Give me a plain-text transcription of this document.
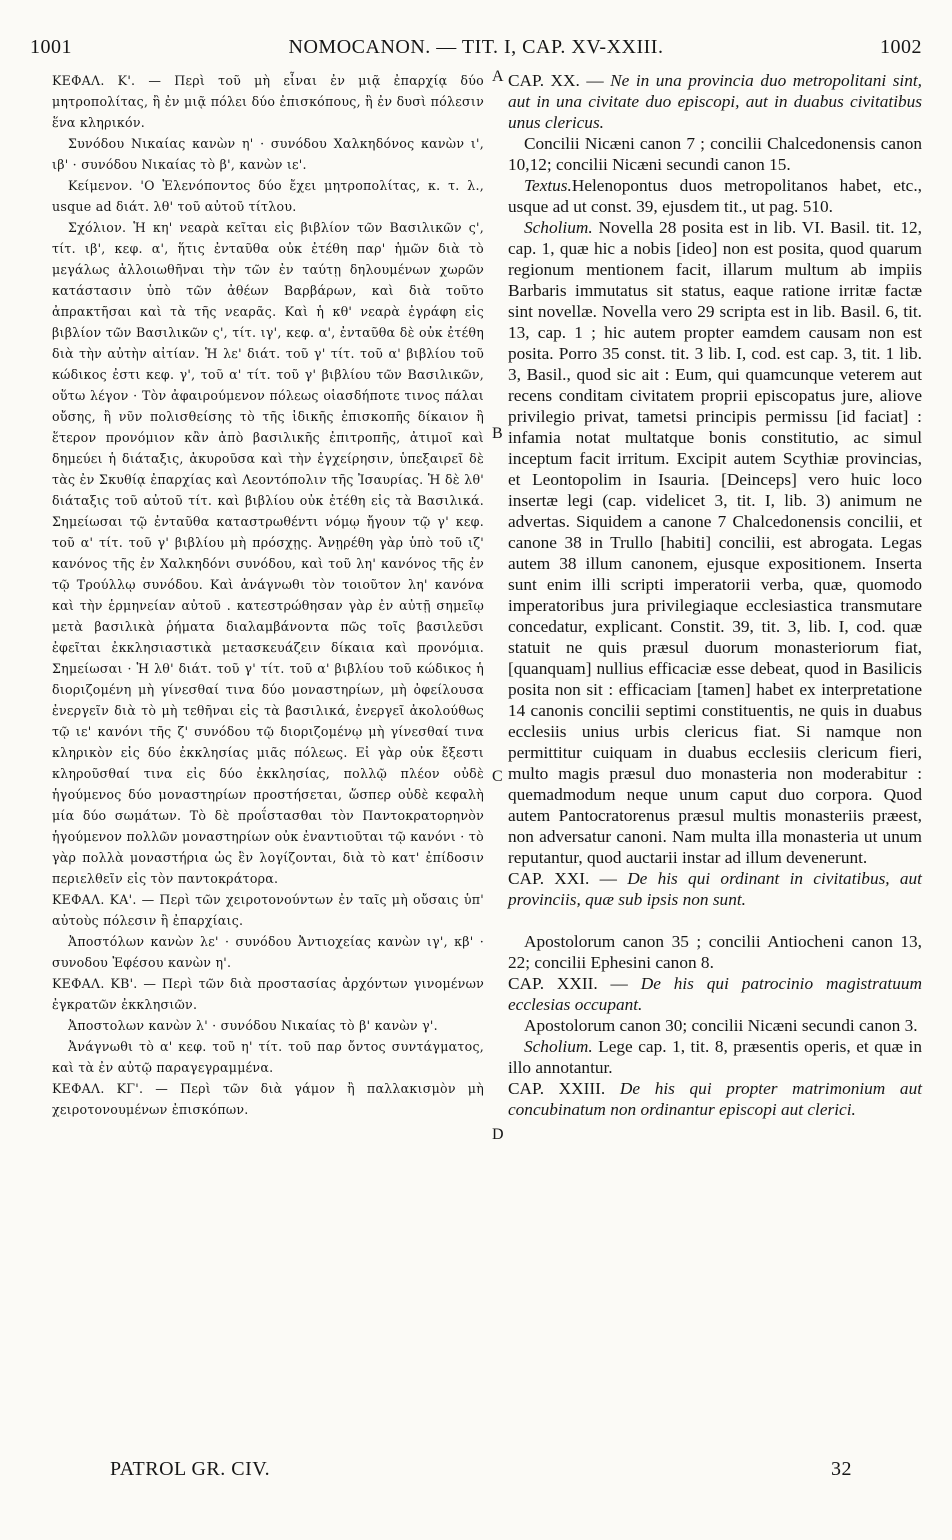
1001	NOMOCANON. — TIT. I, CAP. XV-XXIII.	1002

ΚΕΦΑΛ. Κ'. — Περὶ τοῦ μὴ εἶναι ἐν μιᾷ ἐπαρχίᾳ δύο μητροπολίτας, ἢ ἐν μιᾷ πόλει δύο ἐπισκόπους, ἢ ἐν δυσὶ πόλεσιν ἕνα κληρικόν.

Συνόδου Νικαίας κανὼν η' · συνόδου Χαλκηδόνος κανὼν ι', ιβ' · συνόδου Νικαίας τὸ β', κανὼν ιε'.

Κείμενον. 'Ο Ἑλενόποντος δύο ἔχει μητροπολίτας, κ. τ. λ., usque ad διάτ. λθ' τοῦ αὐτοῦ τίτλου.

Σχόλιον. Ἡ κη' νεαρὰ κεῖται εἰς βιβλίον τῶν Βασιλικῶν ς', τίτ. ιβ', κεφ. α', ἥτις ἐνταῦθα οὐκ ἐτέθη παρ' ἡμῶν διὰ τὸ μεγάλως ἀλλοιωθῆναι τὴν τῶν ἐν ταύτῃ δηλουμένων χωρῶν κατάστασιν ὑπὸ τῶν ἀθέων Βαρβάρων, καὶ διὰ τοῦτο ἀπρακτῆσαι καὶ τὰ τῆς νεαρᾶς. Καὶ ἡ κθ' νεαρὰ ἐγράφη εἰς βιβλίον τῶν Βασιλικῶν ς', τίτ. ιγ', κεφ. α', ἐνταῦθα δὲ οὐκ ἐτέθη διὰ τὴν αὐτὴν αἰτίαν. Ἡ λε' διάτ. τοῦ γ' τίτ. τοῦ α' βιβλίου τοῦ κώδικος ἐστι κεφ. γ', τοῦ α' τίτ. τοῦ γ' βιβλίου τῶν Βασιλικῶν, οὕτω λέγον · Τὸν ἀφαιρούμενον πόλεως οἱασδήποτε τινος πάλαι οὔσης, ἢ νῦν πολισθείσης τὸ τῆς ἰδικῆς ἐπισκοπῆς δίκαιον ἢ ἕτερον προνόμιον κἂν ἀπὸ βασιλικῆς ἐπιτροπῆς, ἀτιμοῖ καὶ δημεύει ἡ διάταξις, ἀκυροῦσα καὶ τὴν ἐγχείρησιν, ὑπεξαιρεῖ δὲ τὰς ἐν Σκυθίᾳ ἐπαρχίας καὶ Λεοντόπολιν τῆς Ἰσαυρίας. Ἡ δὲ λθ' διάταξις τοῦ αὐτοῦ τίτ. καὶ βιβλίου οὐκ ἐτέθη εἰς τὰ Βασιλικά. Σημείωσαι τῷ ἐνταῦθα καταστρωθέντι νόμῳ ἤγουν τῷ γ' κεφ. τοῦ α' τίτ. τοῦ γ' βιβλίου μὴ πρόσχῃς. Ἀνῃρέθη γὰρ ὑπὸ τοῦ ιζ' κανόνος τῆς ἐν Χαλκηδόνι συνόδου, καὶ τοῦ λη' κανόνος τῆς ἐν τῷ Τρούλλῳ συνόδου. Καὶ ἀνάγνωθι τὸν τοιοῦτον λη' κανόνα καὶ τὴν ἑρμηνείαν αὐτοῦ . κατεστρώθησαν γὰρ ἐν αὐτῇ σημεῖῳ μετὰ βασιλικὰ ῥήματα διαλαμβάνοντα πῶς τοῖς βασιλεῦσι ἐφεῖται ἐκκλησιαστικὰ μετασκευάζειν δίκαια καὶ προνόμια. Σημείωσαι · Ἡ λθ' διάτ. τοῦ γ' τίτ. τοῦ α' βιβλίου τοῦ κώδικος ἡ διοριζομένη μὴ γίνεσθαί τινα δύο μοναστηρίων, μὴ ὀφείλουσα ἐνεργεῖν διὰ τὸ μὴ τεθῆναι εἰς τὰ βασιλικά, ἐνεργεῖ ἀκολούθως τῷ ιε' κανόνι τῆς ζ' συνόδου τῷ διοριζομένῳ μὴ γίνεσθαί τινα κληρικὸν εἰς δύο ἐκκλησίας μιᾶς πόλεως. Εἰ γὰρ οὐκ ἔξεστι κληροῦσθαί τινα εἰς δύο ἐκκλησίας, πολλῷ πλέον οὐδὲ ἡγούμενος δύο μοναστηρίων προστήσεται, ὥσπερ οὐδὲ κεφαλὴ μία δύο σωμάτων. Τὸ δὲ προΐστασθαι τὸν Παντοκρατορηνὸν ἡγούμενον πολλῶν μοναστηρίων οὐκ ἐναντιοῦται τῷ κανόνι · τὸ γὰρ πολλὰ μοναστήρια ὡς ἓν λογίζονται, διὰ τὸ κατ' ἐπίδοσιν περιελθεῖν εἰς τὸν παντοκράτορα.

ΚΕΦΑΛ. ΚΑ'. — Περὶ τῶν χειροτονούντων ἐν ταῖς μὴ οὔσαις ὑπ' αὐτοὺς πόλεσιν ἢ ἐπαρχίαις.

Ἀποστόλων κανὼν λε' · συνόδου Ἀντιοχείας κανὼν ιγ', κβ' · συνοδου Ἐφέσου κανὼν η'.

ΚΕΦΑΛ. ΚΒ'. — Περὶ τῶν διὰ προστασίας ἀρχόντων γινομένων ἐγκρατῶν ἐκκλησιῶν.

Ἀποστολων κανὼν λ' · συνόδου Νικαίας τὸ β' κανὼν γ'.

Ἀνάγνωθι τὸ α' κεφ. τοῦ η' τίτ. τοῦ παρ ὄντος συντάγματος, καὶ τὰ ἐν αὐτῷ παραγεγραμμένα.

ΚΕΦΑΛ. ΚΓ'. — Περὶ τῶν διὰ γάμον ἢ παλλακισμὸν μὴ χειροτονουμένων ἐπισκόπων.

CAP. XX. — Ne in una provincia duo metropolitani sint, aut in una civitate duo episcopi, aut in duabus civitatibus unus clericus.

Concilii Nicæni canon 7 ; concilii Chalcedonensis canon 10,12; concilii Nicæni secundi canon 15.

Textus.Helenopontus duos metropolitanos habet, etc., usque ad ut const. 39, ejusdem tit., ut pag. 510.

Scholium. Novella 28 posita est in lib. VI. Basil. tit. 12, cap. 1, quæ hic a nobis [ideo] non est posita, quod quarum regionum mentionem facit, illarum multum ab impiis Barbaris immutatus sit status, eaque ratione irritæ factæ sint novellæ. Novella vero 29 scripta est in lib. Basil. 6, tit. 13, cap. 1 ; hic autem propter eamdem causam non est posita. Porro 35 const. tit. 3 lib. I, cod. est cap. 3, tit. 1 lib. 3, Basil., quod sic ait : Eum, qui quamcunque veterem aut recens conditam civitatem proprii episcopatus jure, aliove privilegio privat, tametsi principis permissu [id faciat] : infamia notat multatque bonis constitutio, ac simul inceptum facit irritum. Excipit autem Scythiæ provincias, et Leontopolim in Isauria. [Deinceps] vero huic loco insertæ legi (cap. videlicet 3, tit. I, lib. 3) animum ne advertas. Siquidem a canone 7 Chalcedonensis concilii, et canone 38 in Trullo [habiti] concilii, est abrogata. Legas autem 38 illum canonem, ejusque expositionem. Inserta sunt enim illi scripti imperatorii verba, quæ, quomodo imperatoribus jura privilegiaque ecclesiastica transmutare concedatur, explicant. Constit. 39, tit. 3, lib. I, cod. quæ statuit ne quis præsul duorum monasteriorum fiat, [quanquam] nullius efficaciæ esse debeat, quod in Basilicis posita non sit : efficaciam [tamen] habet ex interpretatione 14 canonis concilii septimi constituentis, ne quis in duabus ecclesiis unius urbis clericus fiat. Si namque non permittitur cuiquam in duabus ecclesiis clericum fieri, multo magis præsul duo monasteria non moderabitur : quemadmodum neque unum caput duo corpora. Quod autem Pantocratorenus præsul multis monasteriis præest, non adversatur canoni. Nam multa illa monasteria ut unum reputantur, quod auctarii instar ad illum devenerunt.

CAP. XXI. — De his qui ordinant in civitatibus, aut provinciis, quæ sub ipsis non sunt.

Apostolorum canon 35 ; concilii Antiocheni canon 13, 22; concilii Ephesini canon 8.

CAP. XXII. — De his qui patrocinio magistratuum ecclesias occupant.

Apostolorum canon 30; concilii Nicæni secundi canon 3.

Scholium. Lege cap. 1, tit. 8, præsentis operis, et quæ in illo annotantur.

CAP. XXIII. De his qui propter matrimonium aut concubinatum non ordinantur episcopi aut clerici.

A
B
C
D
PATROL GR. CIV.	32
